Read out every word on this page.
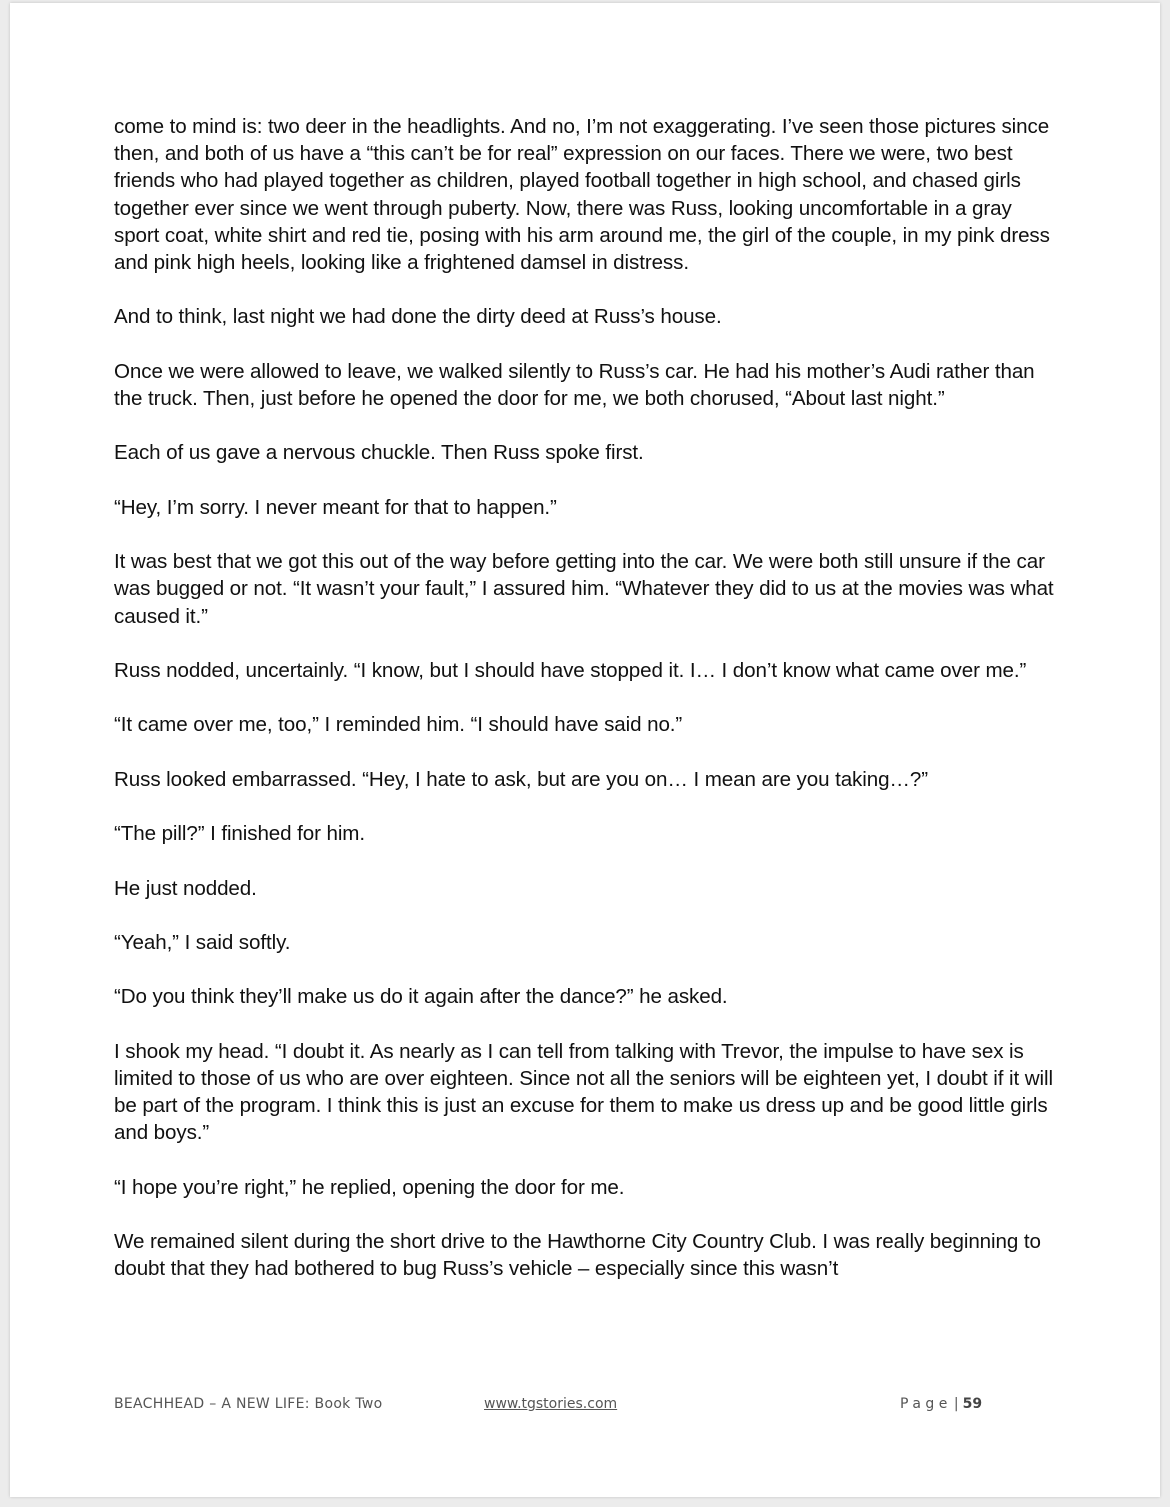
come to mind is: two deer in the headlights. And no, I’m not exaggerating. I’ve seen those pictures since then, and both of us have a “this can’t be for real” expression on our faces. There we were, two best friends who had played together as children, played football together in high school, and chased girls together ever since we went through puberty. Now, there was Russ, looking uncomfortable in a gray sport coat, white shirt and red tie, posing with his arm around me, the girl of the couple, in my pink dress and pink high heels, looking like a frightened damsel in distress.

And to think, last night we had done the dirty deed at Russ’s house.

Once we were allowed to leave, we walked silently to Russ’s car. He had his mother’s Audi rather than the truck. Then, just before he opened the door for me, we both chorused, “About last night.”

Each of us gave a nervous chuckle. Then Russ spoke first.

“Hey, I’m sorry. I never meant for that to happen.”

It was best that we got this out of the way before getting into the car. We were both still unsure if the car was bugged or not. “It wasn’t your fault,” I assured him. “Whatever they did to us at the movies was what caused it.”

Russ nodded, uncertainly. “I know, but I should have stopped it. I… I don’t know what came over me.”

“It came over me, too,” I reminded him. “I should have said no.”

Russ looked embarrassed. “Hey, I hate to ask, but are you on… I mean are you taking…?”

“The pill?” I finished for him.

He just nodded.

“Yeah,” I said softly.

“Do you think they’ll make us do it again after the dance?” he asked.

I shook my head. “I doubt it. As nearly as I can tell from talking with Trevor, the impulse to have sex is limited to those of us who are over eighteen. Since not all the seniors will be eighteen yet, I doubt if it will be part of the program. I think this is just an excuse for them to make us dress up and be good little girls and boys.”

“I hope you’re right,” he replied, opening the door for me.

We remained silent during the short drive to the Hawthorne City Country Club. I was really beginning to doubt that they had bothered to bug Russ’s vehicle – especially since this wasn’t

BEACHHEAD – A NEW LIFE: Book Two	www.tgstories.com	Page | 59
